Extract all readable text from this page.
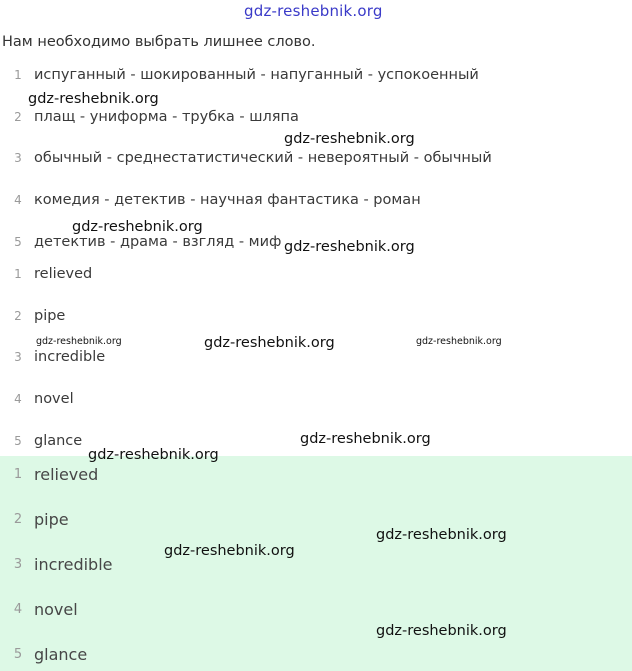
gdz-reshebnik.org
Нам необходимо выбрать лишнее слово.
1 испуганный - шокированный - напуганный - успокоенный
2 плащ - униформа - трубка - шляпа
3 обычный - среднестатистический - невероятный - обычный
4 комедия - детектив - научная фантастика - роман
5 детектив - драма - взгляд - миф
1 relieved
2 pipe
3 incredible
4 novel
5 glance
1 relieved
2 pipe
3 incredible
4 novel
5 glance
gdz-reshebnik.org
gdz-reshebnik.org
gdz-reshebnik.org
gdz-reshebnik.org
gdz-reshebnik.org	gdz-reshebnik.org	gdz-reshebnik.org
gdz-reshebnik.org
gdz-reshebnik.org
gdz-reshebnik.org
gdz-reshebnik.org
gdz-reshebnik.org
